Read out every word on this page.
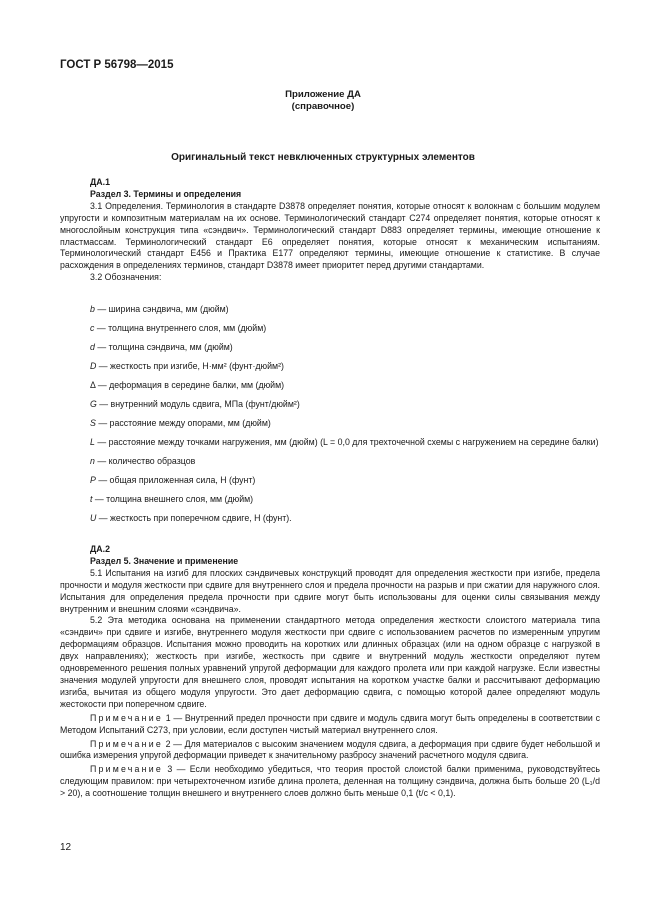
ГОСТ Р 56798—2015
Приложение ДА
(справочное)
Оригинальный текст невключенных структурных элементов

ДА.1

Раздел 3. Термины и определения

3.1 Определения. Терминология в стандарте D3878 определяет понятия, которые относят к волокнам с большим модулем упругости и композитным материалам на их основе. Терминологический стандарт С274 определяет понятия, которые относят к многослойным конструкция типа «сэндвич». Терминологический стандарт D883 определяет термины, имеющие отношение к пластмассам. Терминологический стандарт Е6 определяет понятия, которые относят к механическим испытаниям. Терминологический стандарт Е456 и Практика Е177 определяют термины, имеющие отношение к статистике. В случае расхождения в определениях терминов, стандарт D3878 имеет приоритет перед другими стандартами.

3.2 Обозначения:

b — ширина сэндвича, мм (дюйм)
c — толщина внутреннего слоя, мм (дюйм)
d — толщина сэндвича, мм (дюйм)
D — жесткость при изгибе, Н·мм² (фунт·дюйм²)
Δ — деформация в середине балки, мм (дюйм)
G — внутренний модуль сдвига, МПа (фунт/дюйм²)
S — расстояние между опорами, мм (дюйм)
L — расстояние между точками нагружения, мм (дюйм) (L = 0,0 для трехточечной схемы с нагружением на середине балки)
n — количество образцов
P — общая приложенная сила, Н (фунт)
t — толщина внешнего слоя, мм (дюйм)
U — жесткость при поперечном сдвиге, Н (фунт).

ДА.2

Раздел 5. Значение и применение

5.1 Испытания на изгиб для плоских сэндвичевых конструкций проводят для определения жесткости при изгибе, предела прочности и модуля жесткости при сдвиге для внутреннего слоя и предела прочности на разрыв и при сжатии для наружного слоя. Испытания для определения предела прочности при сдвиге могут быть использованы для оценки силы связывания между внутренним и внешним слоями «сэндвича».

5.2 Эта методика основана на применении стандартного метода определения жесткости слоистого материала типа «сэндвич» при сдвиге и изгибе, внутреннего модуля жесткости при сдвиге с использованием расчетов по измеренным упругим деформациям образцов. Испытания можно проводить на коротких или длинных образцах (или на одном образце с нагрузкой в двух направлениях); жесткость при изгибе, жесткость при сдвиге и внутренний модуль жесткости определяют путем одновременного решения полных уравнений упругой деформации для каждого пролета или при каждой нагрузке. Если известны значения модулей упругости для внешнего слоя, проводят испытания на коротком участке балки и рассчитывают деформацию изгиба, вычитая из общего модуля упругости. Это дает деформацию сдвига, с помощью которой далее определяют модуль жестокости при поперечном сдвиге.

Примечание 1 — Внутренний предел прочности при сдвиге и модуль сдвига могут быть определены в соответствии с Методом Испытаний С273, при условии, если доступен чистый материал внутреннего слоя.

Примечание 2 — Для материалов с высоким значением модуля сдвига, а деформация при сдвиге будет небольшой и ошибка измерения упругой деформации приведет к значительному разбросу значений расчетного модуля сдвига.

Примечание 3 — Если необходимо убедиться, что теория простой слоистой балки применима, руководствуйтесь следующим правилом: при четырехточечном изгибе длина пролета, деленная на толщину сэндвича, должна быть больше 20 (L₁/d > 20), а соотношение толщин внешнего и внутреннего слоев должно быть меньше 0,1 (t/c < 0,1).

12
